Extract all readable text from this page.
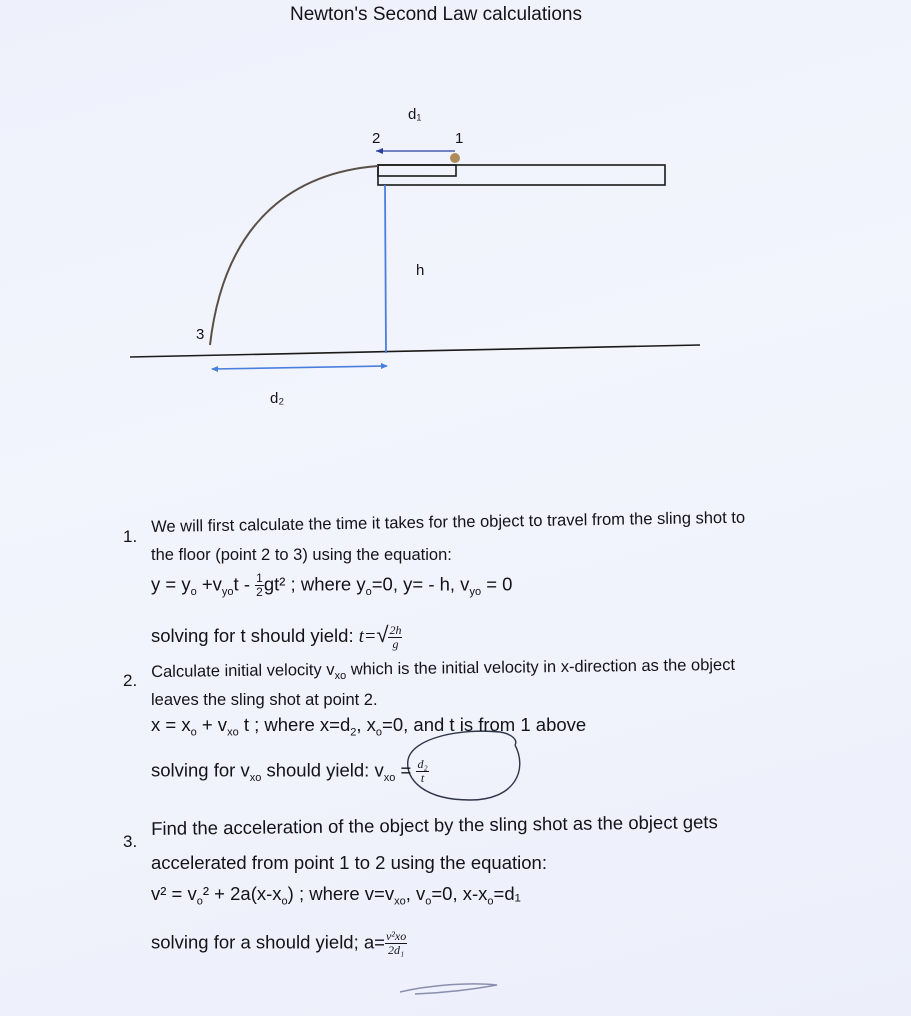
Newton's Second Law calculations
d₁
2	1
h
3
d₂
1.
We will first calculate the time it takes for the object to travel from the sling shot to
the floor (point 2 to 3) using the equation:
$y = y_o +v_{yo}t - \frac{1}{2} gt^2$ ; where $y_o=0$, y= - h, $v_{yo} = 0$
solving for t should yield: $t=√ \frac{2h}{g}$
2. Calculate initial velocity $v_{xo}$ which is the initial velocity in x-direction as the object
leaves the sling shot at point 2.
$x = x_o + v_{xo}$ t ; where $x=d_2$, $x_o=0$, and t is from 1 above
solving for $v_{xo}$ should yield: $v_{xo} = \frac{\text{d₂}}{t}$
3.
Find the acceleration of the object by the sling shot as the object gets
accelerated from point 1 to 2 using the equation:
$v^2 = v_o^2 + 2a(x-x_o)$ ; where $v=v_{xo}$, $v_o=0$, $x-x_o=d_1$
solving for a should yield; $a= \frac{\text{v²xo}}{\text{2d₁}}$
